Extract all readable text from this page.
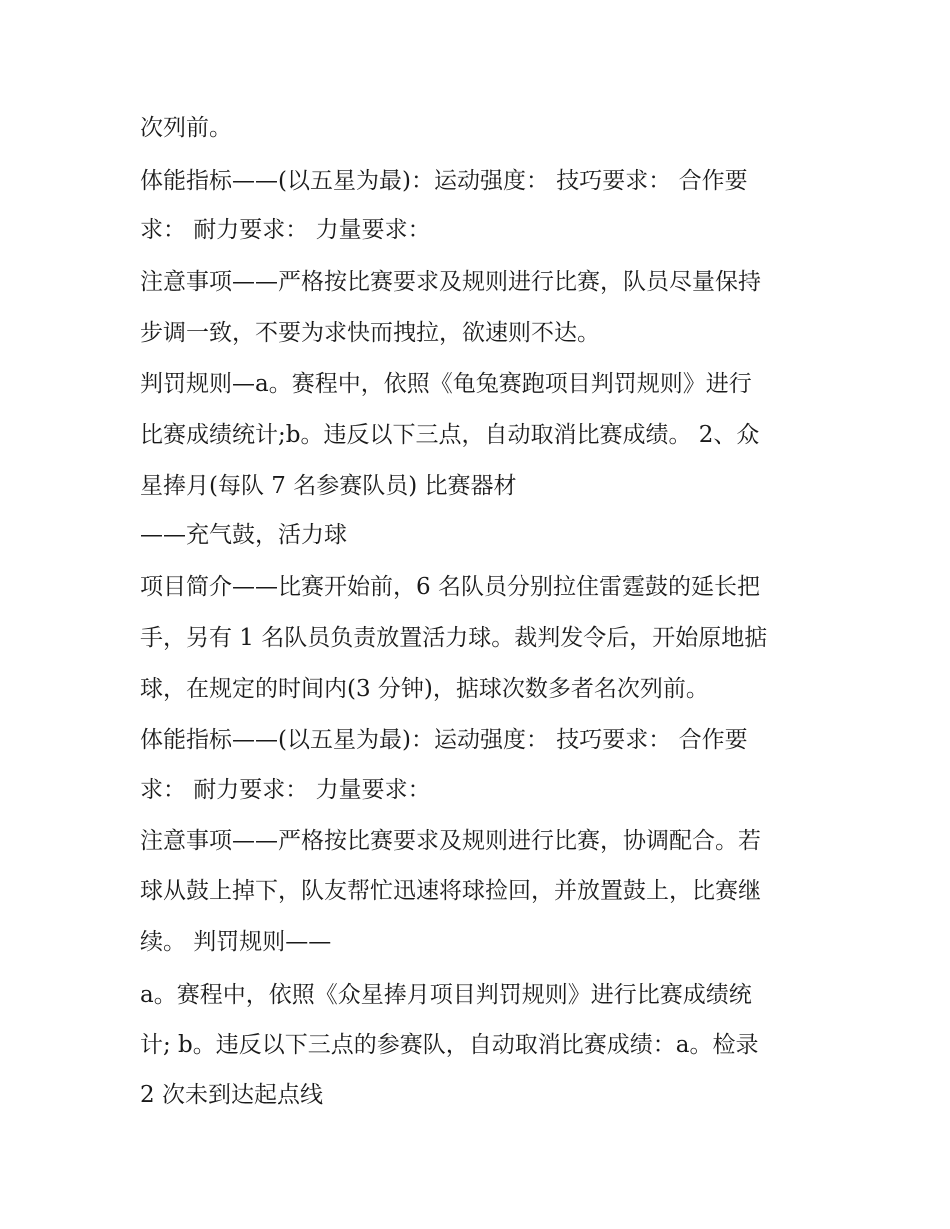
次列前。
体能指标——(以五星为最)：运动强度： 技巧要求： 合作要
求： 耐力要求： 力量要求：
注意事项——严格按比赛要求及规则进行比赛，队员尽量保持
步调一致，不要为求快而拽拉，欲速则不达。
判罚规则—a。赛程中，依照《龟兔赛跑项目判罚规则》进行
比赛成绩统计;b。违反以下三点，自动取消比赛成绩。 2、众
星捧月(每队 7 名参赛队员) 比赛器材
——充气鼓，活力球
项目简介——比赛开始前，6 名队员分别拉住雷霆鼓的延长把
手，另有 1 名队员负责放置活力球。裁判发令后，开始原地掂
球，在规定的时间内(3 分钟)，掂球次数多者名次列前。
体能指标——(以五星为最)：运动强度： 技巧要求： 合作要
求： 耐力要求： 力量要求：
注意事项——严格按比赛要求及规则进行比赛，协调配合。若
球从鼓上掉下，队友帮忙迅速将球捡回，并放置鼓上，比赛继
续。 判罚规则——
a。赛程中，依照《众星捧月项目判罚规则》进行比赛成绩统
计; b。违反以下三点的参赛队，自动取消比赛成绩：a。检录
2 次未到达起点线
